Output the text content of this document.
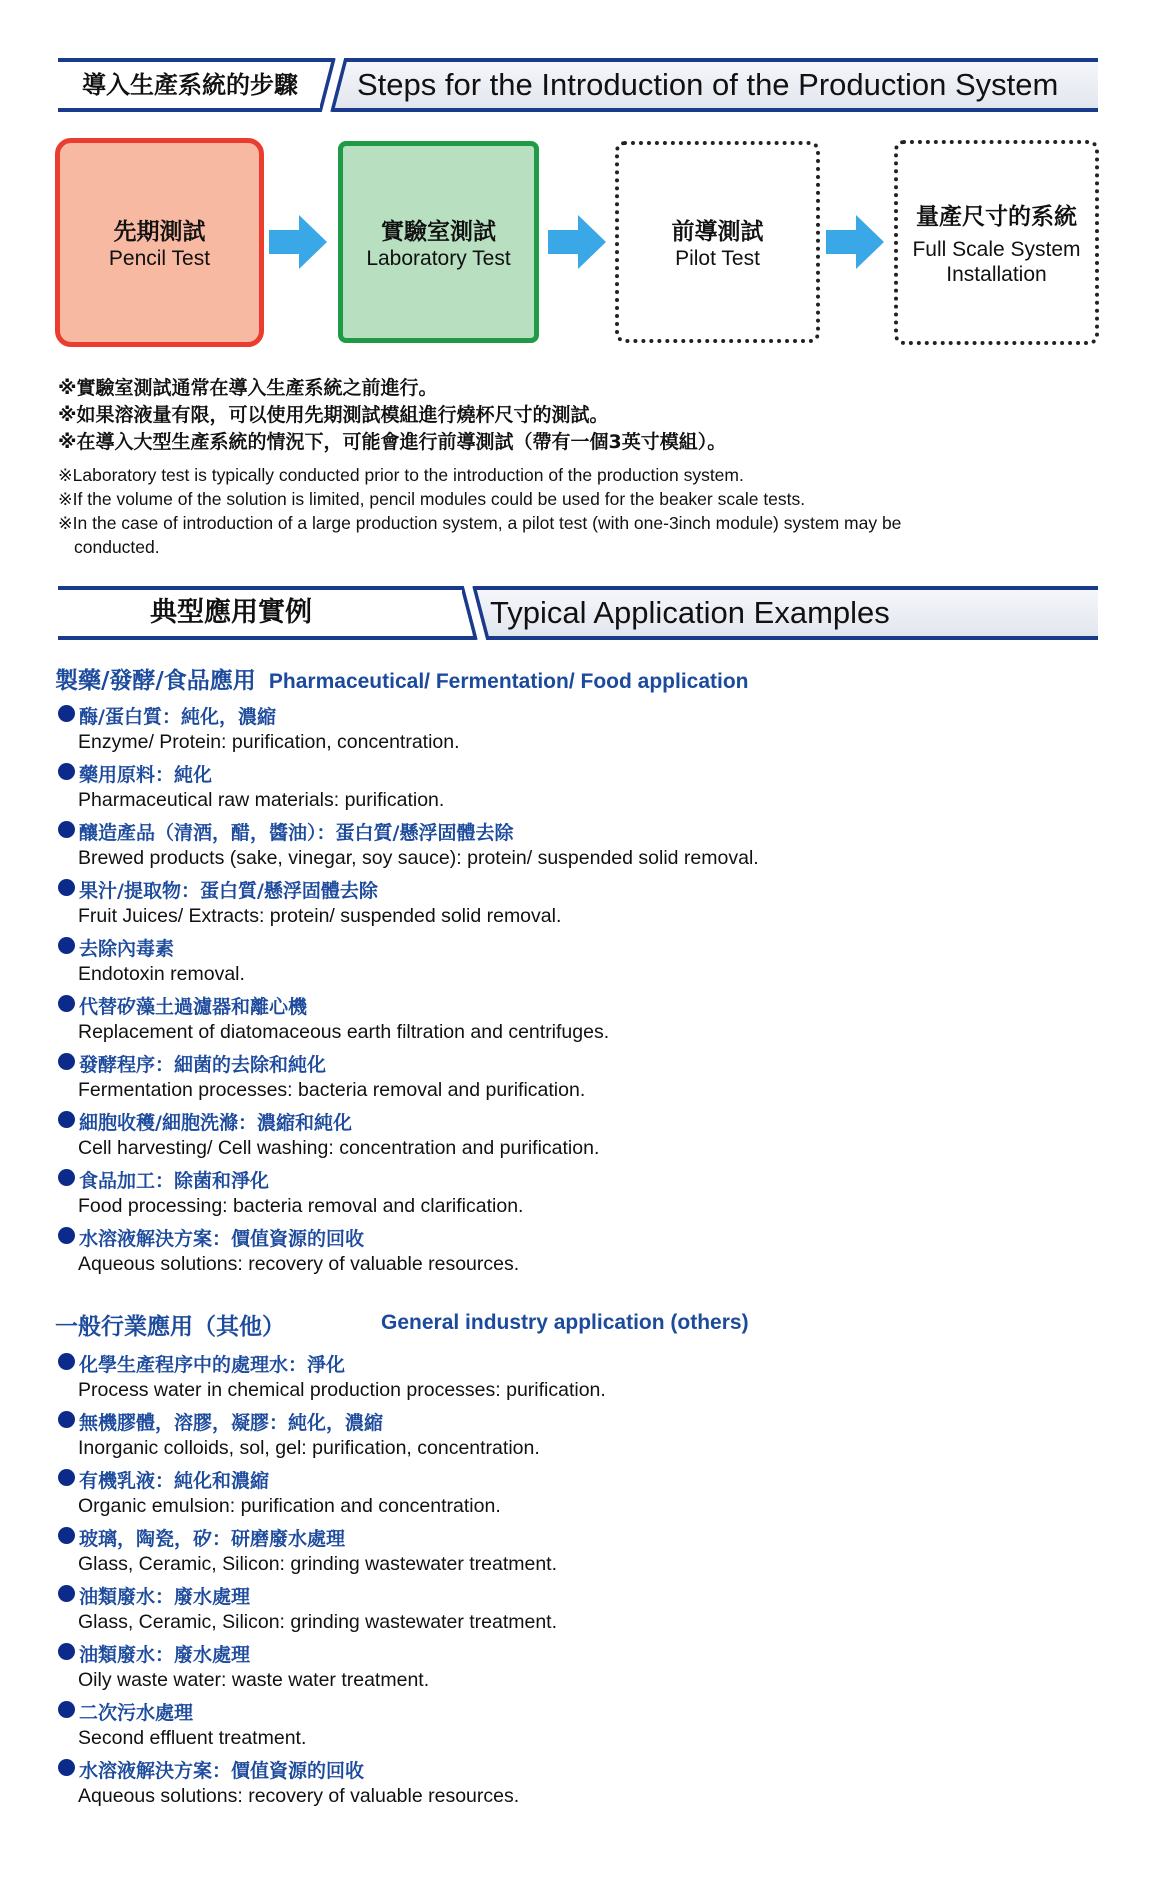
導入生產系統的步驟 Steps for the Introduction of the Production System
先期測試
Pencil Test
實驗室測試
Laboratory Test
前導測試
Pilot Test
量產尺寸的系統
Full Scale System
Installation
※實驗室測試通常在導入生產系統之前進行。
※如果溶液量有限，可以使用先期測試模組進行燒杯尺寸的測試。
※在導入大型生產系統的情況下，可能會進行前導測試（帶有一個3英寸模組）。
※Laboratory test is typically conducted prior to the introduction of the production system.
※If the volume of the solution is limited, pencil modules could be used for the beaker scale tests.
※In the case of introduction of a large production system, a pilot test (with one-3inch module) system may be
conducted.
典型應用實例	Typical Application Examples
製藥/發酵/食品應用 Pharmaceutical/ Fermentation/ Food application
酶/蛋白質：純化，濃縮
Enzyme/ Protein: purification, concentration.
藥用原料：純化
Pharmaceutical raw materials: purification.
釀造產品（清酒，醋，醬油）：蛋白質/懸浮固體去除
Brewed products (sake, vinegar, soy sauce): protein/ suspended solid removal.
果汁/提取物：蛋白質/懸浮固體去除
Fruit Juices/ Extracts: protein/ suspended solid removal.
去除內毒素
Endotoxin removal.
代替矽藻土過濾器和離心機
Replacement of diatomaceous earth filtration and centrifuges.
發酵程序：細菌的去除和純化
Fermentation processes: bacteria removal and purification.
細胞收穫/細胞洗滌：濃縮和純化
Cell harvesting/ Cell washing: concentration and purification.
食品加工：除菌和淨化
Food processing: bacteria removal and clarification.
水溶液解決方案：價值資源的回收
Aqueous solutions: recovery of valuable resources.
一般行業應用（其他）	General industry application (others)
化學生產程序中的處理水：淨化
Process water in chemical production processes: purification.
無機膠體，溶膠，凝膠：純化，濃縮
Inorganic colloids, sol, gel: purification, concentration.
有機乳液：純化和濃縮
Organic emulsion: purification and concentration.
玻璃，陶瓷，矽：研磨廢水處理
Glass, Ceramic, Silicon: grinding wastewater treatment.
油類廢水：廢水處理
Glass, Ceramic, Silicon: grinding wastewater treatment.
油類廢水：廢水處理
Oily waste water: waste water treatment.
二次污水處理
Second effluent treatment.
水溶液解決方案：價值資源的回收
Aqueous solutions: recovery of valuable resources.
